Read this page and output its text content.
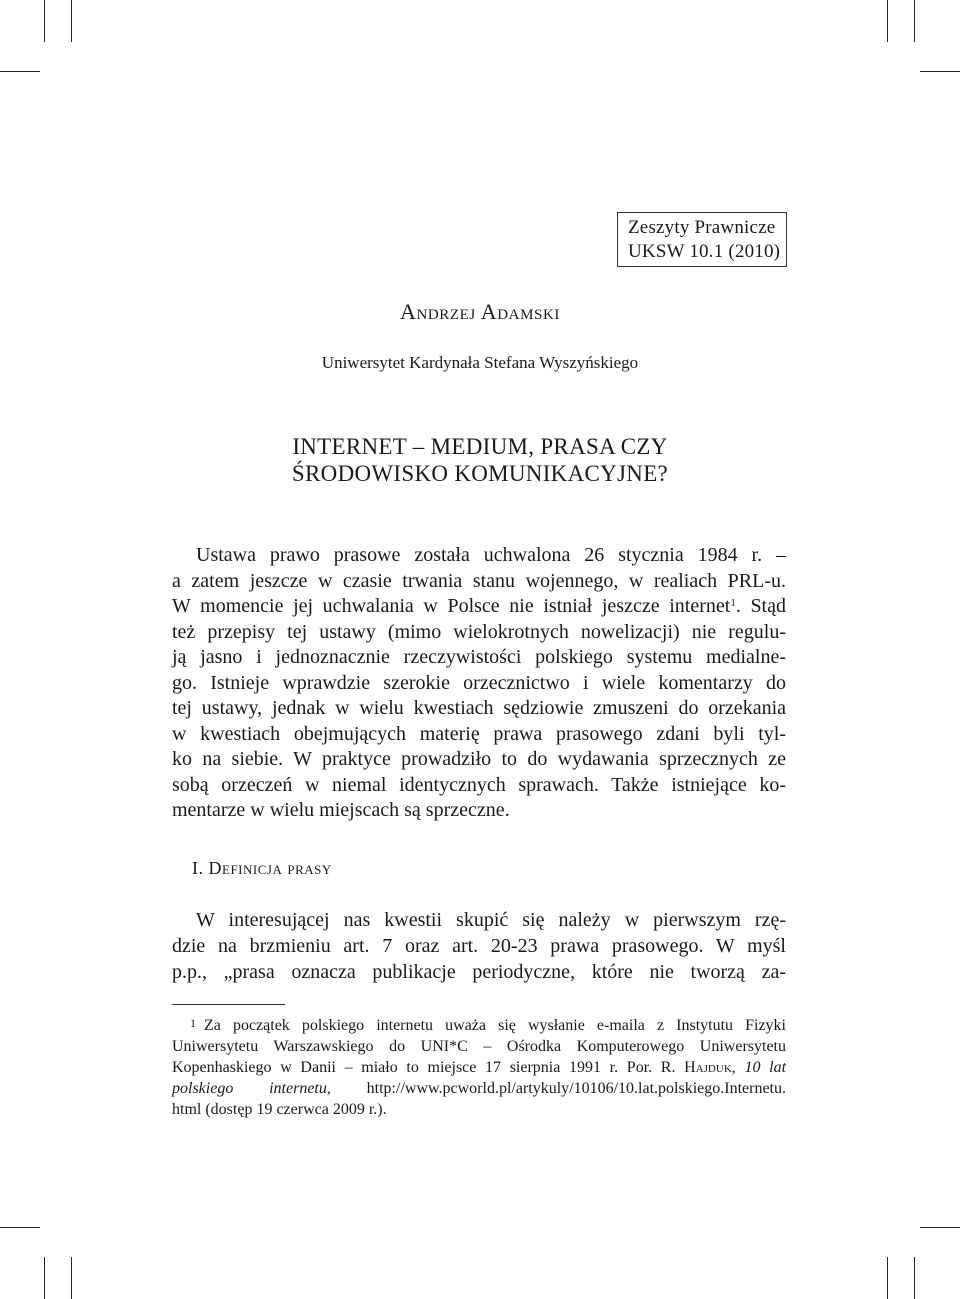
Zeszyty Prawnicze
UKSW 10.1 (2010)
Andrzej Adamski
Uniwersytet Kardynała Stefana Wyszyńskiego
INTERNET – MEDIUM, PRASA CZY
ŚRODOWISKO KOMUNIKACYJNE?
Ustawa prawo prasowe została uchwalona 26 stycznia 1984 r. –
a zatem jeszcze w czasie trwania stanu wojennego, w realiach PRL-u.
W momencie jej uchwalania w Polsce nie istniał jeszcze internet$^1$. Stąd
też przepisy tej ustawy (mimo wielokrotnych nowelizacji) nie regulu-
ją jasno i jednoznacznie rzeczywistości polskiego systemu medialne-
go. Istnieje wprawdzie szerokie orzecznictwo i wiele komentarzy do
tej ustawy, jednak w wielu kwestiach sędziowie zmuszeni do orzekania
w kwestiach obejmujących materię prawa prasowego zdani byli tyl-
ko na siebie. W praktyce prowadziło to do wydawania sprzecznych ze
sobą orzeczeń w niemal identycznych sprawach. Także istniejące ko-
mentarze w wielu miejscach są sprzeczne.
I. Definicja prasy
W interesującej nas kwestii skupić się należy w pierwszym rzę-
dzie na brzmieniu art. 7 oraz art. 20-23 prawa prasowego. W myśl
p.p., „prasa oznacza publikacje periodyczne, które nie tworzą za-
1 Za początek polskiego internetu uważa się wysłanie e-maila z Instytutu Fizyki
Uniwersytetu Warszawskiego do UNI*C – Ośrodka Komputerowego Uniwersytetu
Kopenhaskiego w Danii – miało to miejsce 17 sierpnia 1991 r. Por. R. Hajduk, 10 lat
polskiego internetu, http://www.pcworld.pl/artykuly/10106/10.lat.polskiego.Internetu.
html (dostęp 19 czerwca 2009 r.).
